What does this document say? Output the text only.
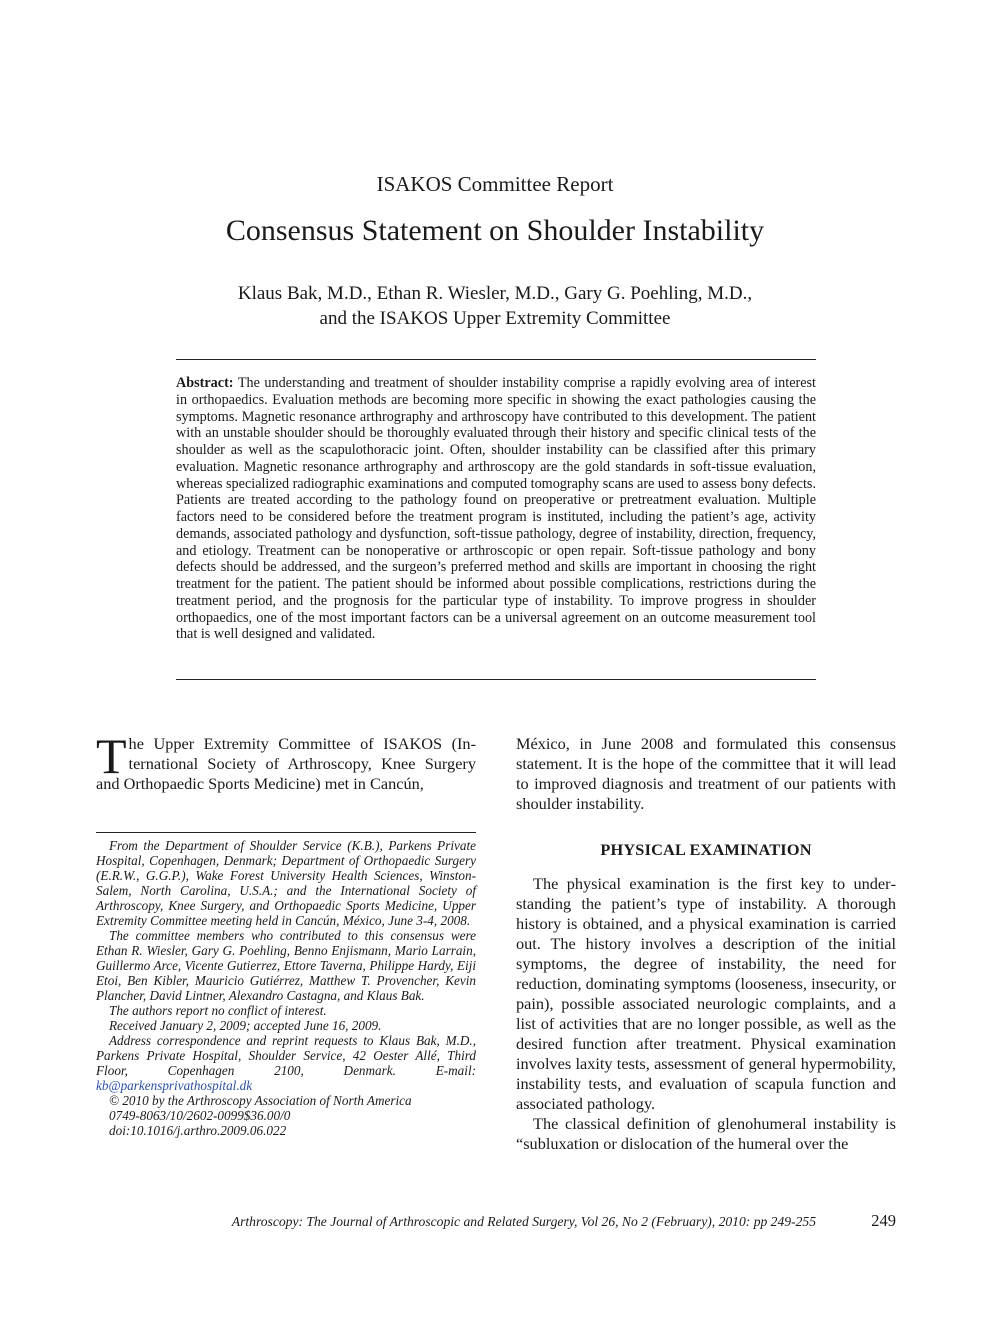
ISAKOS Committee Report
Consensus Statement on Shoulder Instability
Klaus Bak, M.D., Ethan R. Wiesler, M.D., Gary G. Poehling, M.D.,
and the ISAKOS Upper Extremity Committee
Abstract: The understanding and treatment of shoulder instability comprise a rapidly evolving area of interest in orthopaedics. Evaluation methods are becoming more specific in showing the exact pathologies causing the symptoms. Magnetic resonance arthrography and arthroscopy have contributed to this development. The patient with an unstable shoulder should be thoroughly evaluated through their history and specific clinical tests of the shoulder as well as the scapulothoracic joint. Often, shoulder instability can be classified after this primary evaluation. Magnetic resonance arthrography and arthroscopy are the gold standards in soft-tissue evaluation, whereas specialized radiographic examinations and computed tomography scans are used to assess bony defects. Patients are treated according to the pathology found on preoperative or pretreatment evaluation. Multiple factors need to be considered before the treatment program is instituted, including the patient’s age, activity demands, associated pathology and dysfunction, soft-tissue pathology, degree of instability, direction, frequency, and etiology. Treatment can be nonoperative or arthroscopic or open repair. Soft-tissue pathology and bony defects should be addressed, and the surgeon’s preferred method and skills are important in choosing the right treatment for the patient. The patient should be informed about possible complications, restrictions during the treatment period, and the prognosis for the particular type of instability. To improve progress in shoulder orthopaedics, one of the most important factors can be a universal agreement on an outcome measurement tool that is well designed and validated.
T he Upper Extremity Committee of ISAKOS (International Society of Arthroscopy, Knee Surgery and Orthopaedic Sports Medicine) met in Cancún,
México, in June 2008 and formulated this consensus statement. It is the hope of the committee that it will lead to improved diagnosis and treatment of our patients with shoulder instability.

From the Department of Shoulder Service (K.B.), Parkens Private Hospital, Copenhagen, Denmark; Department of Orthopaedic Surgery (E.R.W., G.G.P.), Wake Forest University Health Sciences, Winston-Salem, North Carolina, U.S.A.; and the International Society of Arthroscopy, Knee Surgery, and Orthopaedic Sports Medicine, Upper Extremity Committee meeting held in Cancún, México, June 3-4, 2008.

The committee members who contributed to this consensus were Ethan R. Wiesler, Gary G. Poehling, Benno Enjismann, Mario Larrain, Guillermo Arce, Vicente Gutierrez, Ettore Taverna, Philippe Hardy, Eiji Etoi, Ben Kibler, Mauricio Gutiérrez, Matthew T. Provencher, Kevin Plancher, David Lintner, Alexandro Castagna, and Klaus Bak.

The authors report no conflict of interest.

Received January 2, 2009; accepted June 16, 2009.

Address correspondence and reprint requests to Klaus Bak, M.D., Parkens Private Hospital, Shoulder Service, 42 Oester Allé, Third Floor, Copenhagen 2100, Denmark. E-mail: kb@parkensprivathospital.dk

© 2010 by the Arthroscopy Association of North America

0749-8063/10/2602-0099$36.00/0

doi:10.1016/j.arthro.2009.06.022

PHYSICAL EXAMINATION

The physical examination is the first key to understanding the patient’s type of instability. A thorough history is obtained, and a physical examination is carried out. The history involves a description of the initial symptoms, the degree of instability, the need for reduction, dominating symptoms (looseness, insecurity, or pain), possible associated neurologic complaints, and a list of activities that are no longer possible, as well as the desired function after treatment. Physical examination involves laxity tests, assessment of general hypermobility, instability tests, and evaluation of scapula function and associated pathology.

The classical definition of glenohumeral instability is “subluxation or dislocation of the humeral over the

Arthroscopy: The Journal of Arthroscopic and Related Surgery, Vol 26, No 2 (February), 2010: pp 249-255	249
